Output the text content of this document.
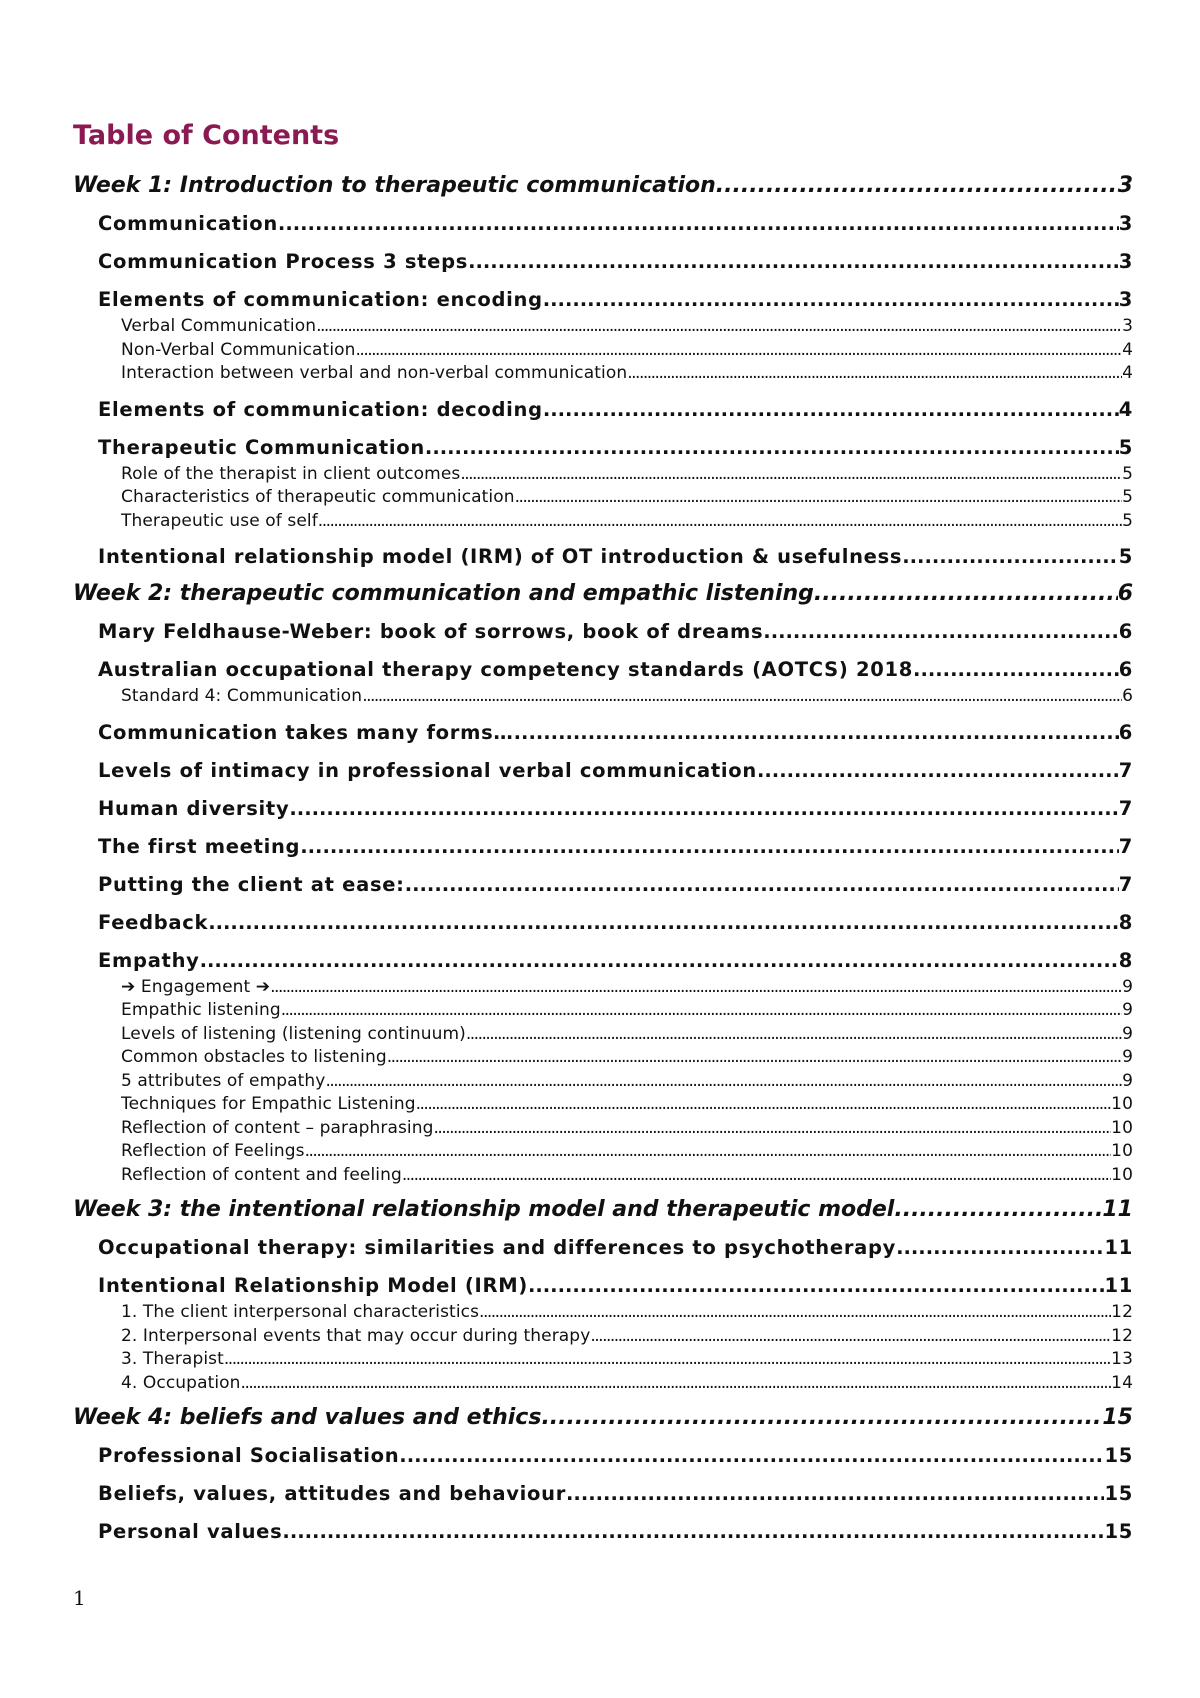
Table of Contents
Week 1: Introduction to therapeutic communication .....	3
Communication .....	3
Communication Process 3 steps .....	3
Elements of communication: encoding .....	3
Verbal Communication .....	3
Non-Verbal Communication .....	4
Interaction between verbal and non-verbal communication .....	4
Elements of communication: decoding .....	4
Therapeutic Communication .....	5
Role of the therapist in client outcomes .....	5
Characteristics of therapeutic communication .....	5
Therapeutic use of self .....	5
Intentional relationship model (IRM) of OT introduction & usefulness .....	5
Week 2: therapeutic communication and empathic listening .....	6
Mary Feldhause-Weber: book of sorrows, book of dreams .....	6
Australian occupational therapy competency standards (AOTCS) 2018 .....	6
Standard 4: Communication .....	6
Communication takes many forms… .....	6
Levels of intimacy in professional verbal communication .....	7
Human diversity .....	7
The first meeting .....	7
Putting the client at ease: .....	7
Feedback .....	8
Empathy .....	8
➔ Engagement ➔ .....	9
Empathic listening .....	9
Levels of listening (listening continuum) .....	9
Common obstacles to listening .....	9
5 attributes of empathy .....	9
Techniques for Empathic Listening .....	10
Reflection of content – paraphrasing .....	10
Reflection of Feelings .....	10
Reflection of content and feeling .....	10
Week 3: the intentional relationship model and therapeutic model .....	11
Occupational therapy: similarities and differences to psychotherapy .....	11
Intentional Relationship Model (IRM) .....	11
1. The client interpersonal characteristics .....	12
2. Interpersonal events that may occur during therapy .....	12
3. Therapist .....	13
4. Occupation .....	14
Week 4: beliefs and values and ethics .....	15
Professional Socialisation .....	15
Beliefs, values, attitudes and behaviour .....	15
Personal values .....	15
1
